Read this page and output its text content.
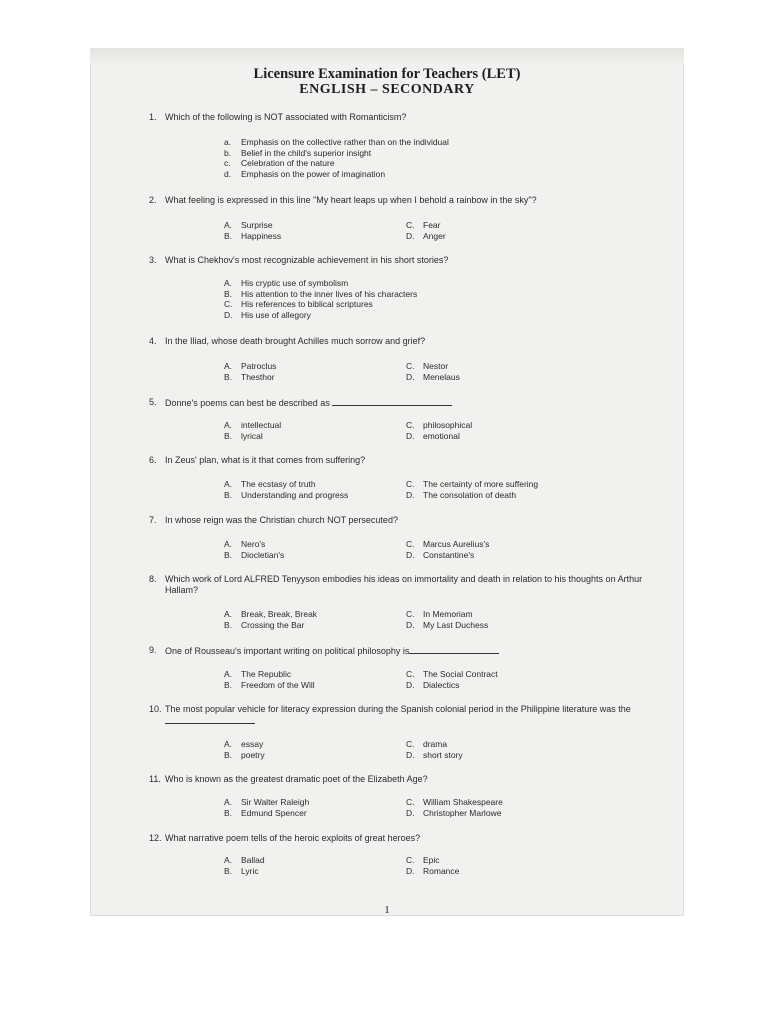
Licensure Examination for Teachers (LET)
ENGLISH – SECONDARY
1. Which of the following is NOT associated with Romanticism?
a. Emphasis on the collective rather than on the individual
b. Belief in the child's superior insight
c. Celebration of the nature
d. Emphasis on the power of imagination
2. What feeling is expressed in this line "My heart leaps up when I behold a rainbow in the sky"?
A. Surprise
B. Happiness
C. Fear
D. Anger
3. What is Chekhov's most recognizable achievement in his short stories?
A. His cryptic use of symbolism
B. His attention to the inner lives of his characters
C. His references to biblical scriptures
D. His use of allegory
4. In the Iliad, whose death brought Achilles much sorrow and grief?
A. Patroclus
B. Thesthor
C. Nestor
D. Menelaus
5. Donne's poems can best be described as
A. intellectual
B. lyrical
C. philosophical
D. emotional
6. In Zeus' plan, what is it that comes from suffering?
A. The ecstasy of truth
B. Understanding and progress
C. The certainty of more suffering
D. The consolation of death
7. In whose reign was the Christian church NOT persecuted?
A. Nero's
B. Diocletian's
C. Marcus Aurelius's
D. Constantine's
8. Which work of Lord ALFRED Tenyyson embodies his ideas on immortality and death in relation to his thoughts on Arthur Hallam?
A. Break, Break, Break
B. Crossing the Bar
C. In Memoriam
D. My Last Duchess
9. One of Rousseau's important writing on political philosophy is
A. The Republic
B. Freedom of the Will
C. The Social Contract
D. Dialectics
10. The most popular vehicle for literacy expression during the Spanish colonial period in the Philippine literature was the
A. essay
B. poetry
C. drama
D. short story
11. Who is known as the greatest dramatic poet of the Elizabeth Age?
A. Sir Walter Raleigh
B. Edmund Spencer
C. William Shakespeare
D. Christopher Marlowe
12. What narrative poem tells of the heroic exploits of great heroes?
A. Ballad
B. Lyric
C. Epic
D. Romance
1
